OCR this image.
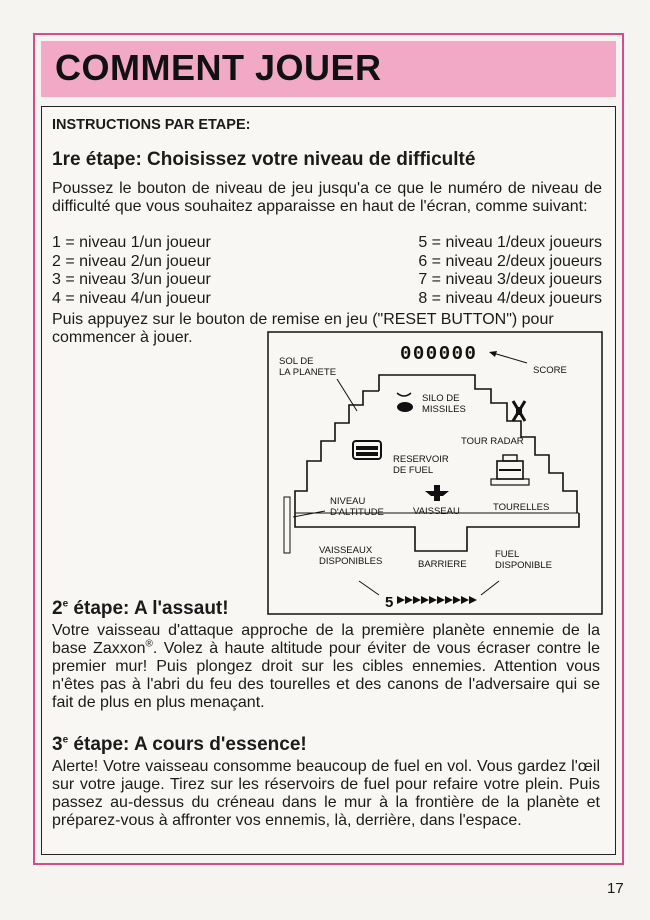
COMMENT JOUER

INSTRUCTIONS PAR ETAPE:

1re étape: Choisissez votre niveau de difficulté

Poussez le bouton de niveau de jeu jusqu'a ce que le numéro de niveau de difficulté que vous souhaitez apparaisse en haut de l'écran, comme suivant:
1 = niveau 1/un joueur	5 = niveau 1/deux joueurs
2 = niveau 2/un joueur	6 = niveau 2/deux joueurs
3 = niveau 3/un joueur	7 = niveau 3/deux joueurs
4 = niveau 4/un joueur	8 = niveau 4/deux joueurs
Puis appuyez sur le bouton de remise en jeu ("RESET BUTTON") pour commencer à jouer.
000000
SCORE
5
SILO DE
MISSILES
TOUR RADAR
RESERVOIR
DE FUEL
TOURELLES
VAISSEAU
NIVEAU
D'ALTITUDE
SOL DE
LA PLANETE
VAISSEAUX
DISPONIBLES	BARRIERE
FUEL
DISPONIBLE

2e étape: A l'assaut!

Votre vaisseau d'attaque approche de la première planète ennemie de la base Zaxxon®. Volez à haute altitude pour éviter de vous écraser contre le premier mur! Puis plongez droit sur les cibles ennemies. Attention vous n'êtes pas à l'abri du feu des tourelles et des canons de l'adversaire qui se fait de plus en plus menaçant.

3e étape: A cours d'essence!

Alerte! Votre vaisseau consomme beaucoup de fuel en vol. Vous gardez l'œil sur votre jauge. Tirez sur les réservoirs de fuel pour refaire votre plein. Puis passez au-dessus du créneau dans le mur à la frontière de la planète et préparez-vous à affronter vos ennemis, là, derrière, dans l'espace.
17
